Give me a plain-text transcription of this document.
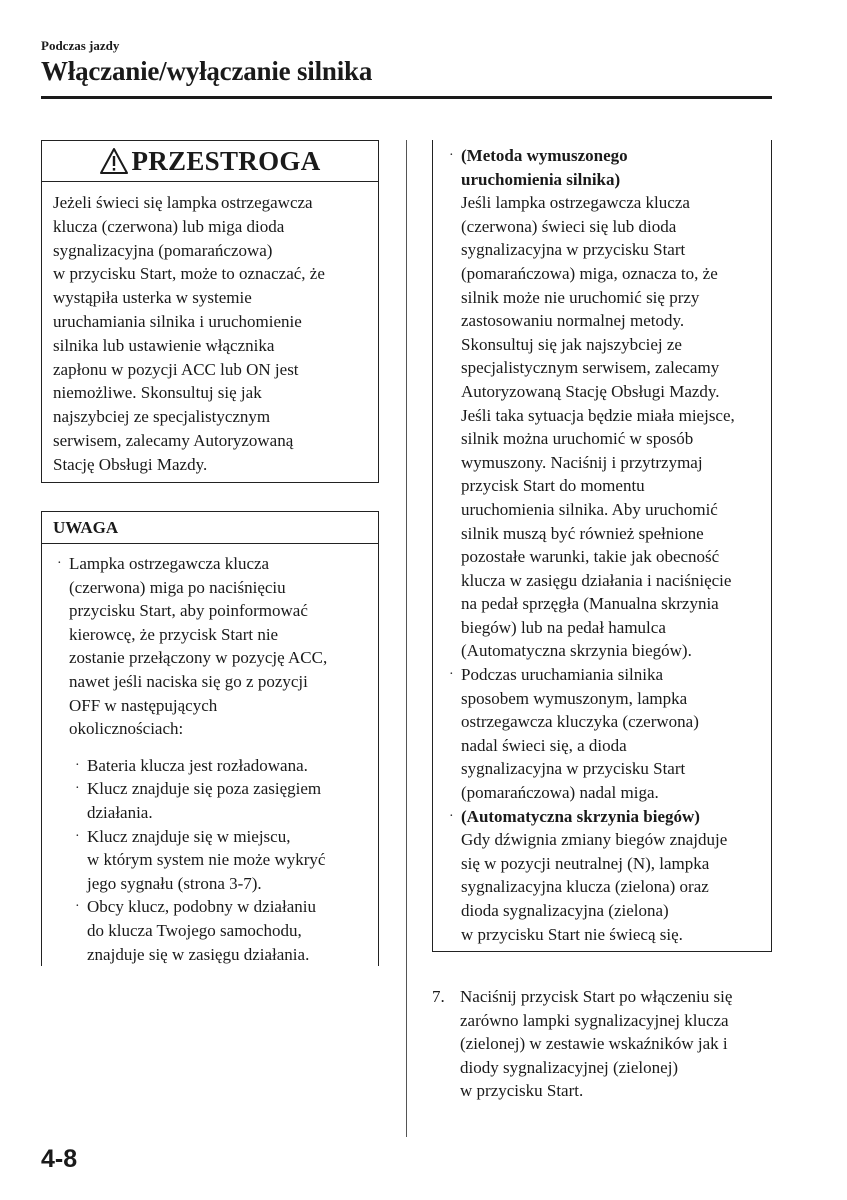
Podczas jazdy
Włączanie/wyłączanie silnika
PRZESTROGA
Jeżeli świeci się lampka ostrzegawcza
klucza (czerwona) lub miga dioda
sygnalizacyjna (pomarańczowa)
w przycisku Start, może to oznaczać, że
wystąpiła usterka w systemie
uruchamiania silnika i uruchomienie
silnika lub ustawienie włącznika
zapłonu w pozycji ACC lub ON jest
niemożliwe. Skonsultuj się jak
najszybciej ze specjalistycznym
serwisem, zalecamy Autoryzowaną
Stację Obsługi Mazdy.
UWAGA
· Lampka ostrzegawcza klucza
(czerwona) miga po naciśnięciu
przycisku Start, aby poinformować
kierowcę, że przycisk Start nie
zostanie przełączony w pozycję ACC,
nawet jeśli naciska się go z pozycji
OFF w następujących
okolicznościach:
· Bateria klucza jest rozładowana.
· Klucz znajduje się poza zasięgiem
działania.
· Klucz znajduje się w miejscu,
w którym system nie może wykryć
jego sygnału (strona 3-7).
· Obcy klucz, podobny w działaniu
do klucza Twojego samochodu,
znajduje się w zasięgu działania.
· (Metoda wymuszonego
uruchomienia silnika)
Jeśli lampka ostrzegawcza klucza
(czerwona) świeci się lub dioda
sygnalizacyjna w przycisku Start
(pomarańczowa) miga, oznacza to, że
silnik może nie uruchomić się przy
zastosowaniu normalnej metody.
Skonsultuj się jak najszybciej ze
specjalistycznym serwisem, zalecamy
Autoryzowaną Stację Obsługi Mazdy.
Jeśli taka sytuacja będzie miała miejsce,
silnik można uruchomić w sposób
wymuszony. Naciśnij i przytrzymaj
przycisk Start do momentu
uruchomienia silnika. Aby uruchomić
silnik muszą być również spełnione
pozostałe warunki, takie jak obecność
klucza w zasięgu działania i naciśnięcie
na pedał sprzęgła (Manualna skrzynia
biegów) lub na pedał hamulca
(Automatyczna skrzynia biegów).
· Podczas uruchamiania silnika
sposobem wymuszonym, lampka
ostrzegawcza kluczyka (czerwona)
nadal świeci się, a dioda
sygnalizacyjna w przycisku Start
(pomarańczowa) nadal miga.
· (Automatyczna skrzynia biegów)
Gdy dźwignia zmiany biegów znajduje
się w pozycji neutralnej (N), lampka
sygnalizacyjna klucza (zielona) oraz
dioda sygnalizacyjna (zielona)
w przycisku Start nie świecą się.
7. Naciśnij przycisk Start po włączeniu się
zarówno lampki sygnalizacyjnej klucza
(zielonej) w zestawie wskaźników jak i
diody sygnalizacyjnej (zielonej)
w przycisku Start.
4-8
